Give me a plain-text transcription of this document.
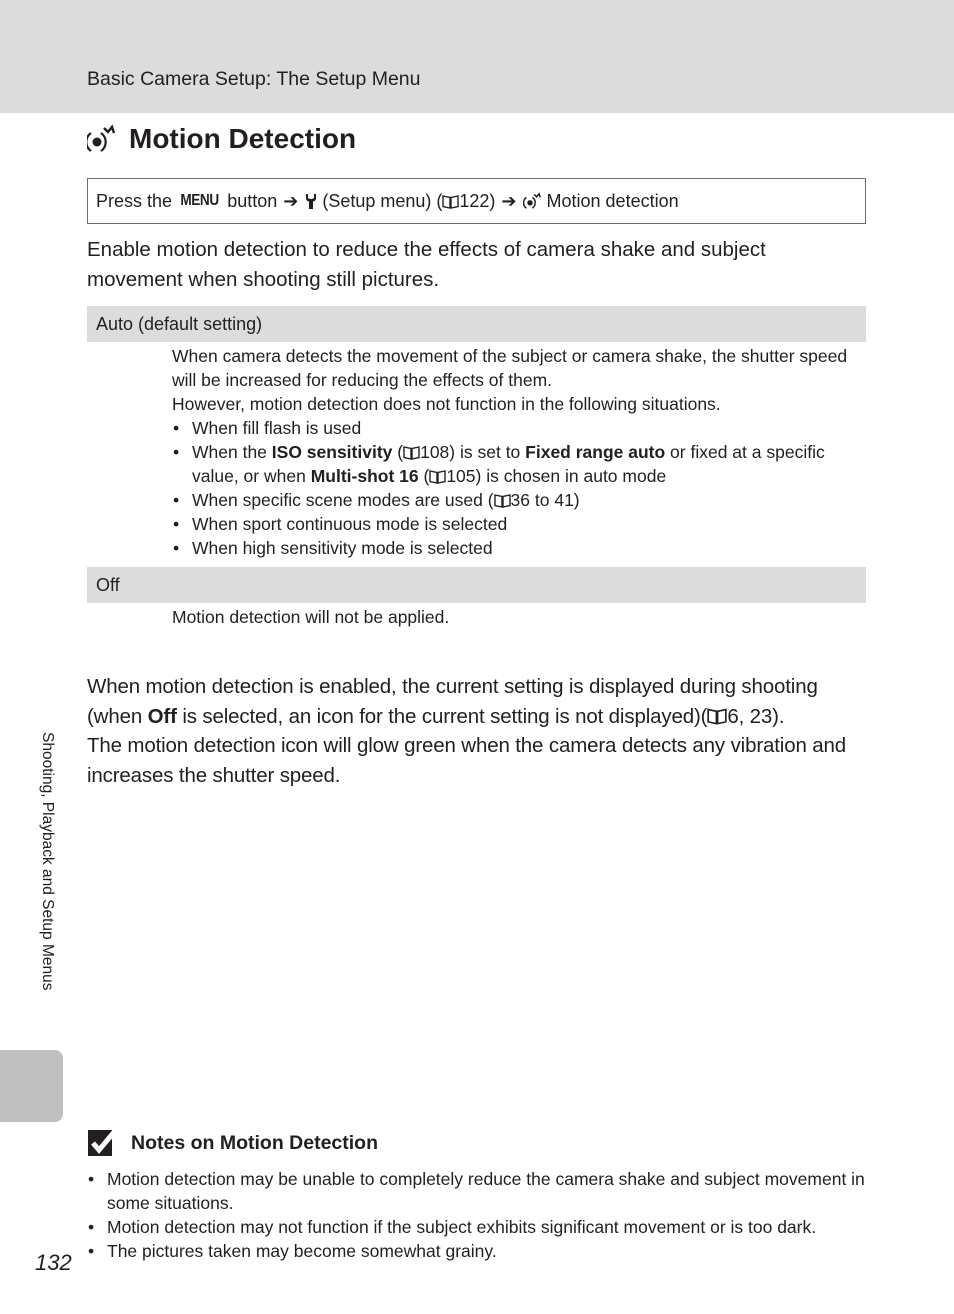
Basic Camera Setup: The Setup Menu
Motion Detection
Press the
MENU
button ➔ (Setup menu) ( 122) ➔ Motion detection
Enable motion detection to reduce the effects of camera shake and subject movement when shooting still pictures.
Auto (default setting)

When camera detects the movement of the subject or camera shake, the shutter speed will be increased for reducing the effects of them.

However, motion detection does not function in the following situations.

• When fill flash is used
• When the ISO sensitivity ( 108) is set to Fixed range auto or fixed at a specific value, or when Multi-shot 16 ( 105) is chosen in auto mode
• When specific scene modes are used ( 36 to 41)
• When sport continuous mode is selected
• When high sensitivity mode is selected
Off

Motion detection will not be applied.

When motion detection is enabled, the current setting is displayed during shooting (when Off is selected, an icon for the current setting is not displayed)( 6, 23).
The motion detection icon will glow green when the camera detects any vibration and increases the shutter speed.
Shooting, Playback and Setup Menus
Notes on Motion Detection
• Motion detection may be unable to completely reduce the camera shake and subject movement in some situations.
• Motion detection may not function if the subject exhibits significant movement or is too dark.
• The pictures taken may become somewhat grainy.
132
